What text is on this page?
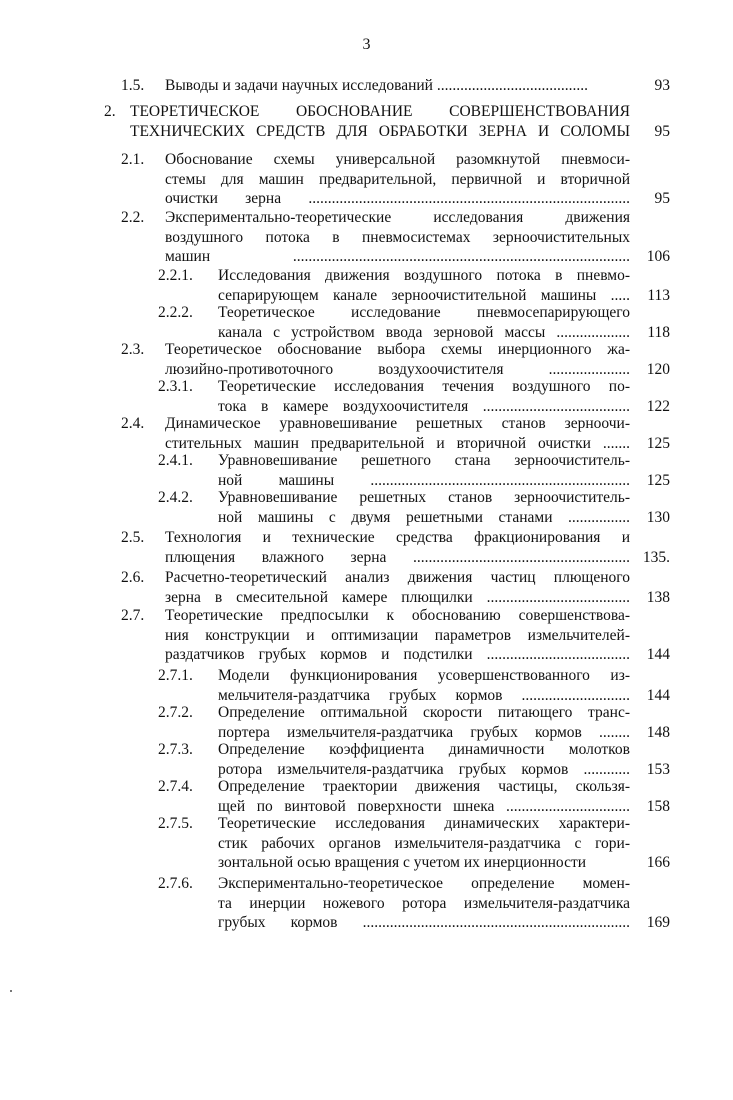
3
1.5. Выводы и задачи научных исследований .......................................	93
2. ТЕОРЕТИЧЕСКОЕ ОБОСНОВАНИЕ СОВЕРШЕНСТВОВАНИЯ
ТЕХНИЧЕСКИХ СРЕДСТВ ДЛЯ ОБРАБОТКИ ЗЕРНА И СОЛОМЫ 95
2.1. Обоснование схемы универсальной разомкнутой пневмоси-
стемы для машин предварительной, первичной и вторичной
очистки зерна ................................................................................... 95
2.2. Экспериментально-теоретические исследования движения
воздушного потока в пневмосистемах зерноочистительных
машин ....................................................................................... 106
2.2.1. Исследования движения воздушного потока в пневмо-
сепарирующем канале зерноочистительной машины ..... 113
2.2.2. Теоретическое исследование пневмосепарирующего
канала с устройством ввода зерновой массы ................... 118
2.3. Теоретическое обоснование выбора схемы инерционного жа-
люзийно-противоточного воздухоочистителя ..................... 120
2.3.1. Теоретические исследования течения воздушного по-
тока в камере воздухоочистителя ...................................... 122
2.4. Динамическое уравновешивание решетных станов зерноочи-
стительных машин предварительной и вторичной очистки ....... 125
2.4.1. Уравновешивание решетного стана зерноочиститель-
ной машины ................................................................... 125
2.4.2. Уравновешивание решетных станов зерноочиститель-
ной машины с двумя решетными станами ................ 130
2.5. Технология и технические средства фракционирования и
плющения влажного зерна ........................................................ 135.
2.6. Расчетно-теоретический анализ движения частиц плющеного
зерна в смесительной камере плющилки ..................................... 138
2.7. Теоретические предпосылки к обоснованию совершенствова-
ния конструкции и оптимизации параметров измельчителей-
раздатчиков грубых кормов и подстилки ..................................... 144
2.7.1. Модели функционирования усовершенствованного из-
мельчителя-раздатчика грубых кормов ............................ 144
2.7.2. Определение оптимальной скорости питающего транс-
портера измельчителя-раздатчика грубых кормов ........ 148
2.7.3. Определение коэффициента динамичности молотков
ротора измельчителя-раздатчика грубых кормов ............ 153
2.7.4. Определение траектории движения частицы, скользя-
щей по винтовой поверхности шнека ................................ 158
2.7.5. Теоретические исследования динамических характери-
стик рабочих органов измельчителя-раздатчика с гори-
зонтальной осью вращения с учетом их инерционности	166
2.7.6. Экспериментально-теоретическое определение момен-
та инерции ножевого ротора измельчителя-раздатчика
грубых кормов ..................................................................... 169
